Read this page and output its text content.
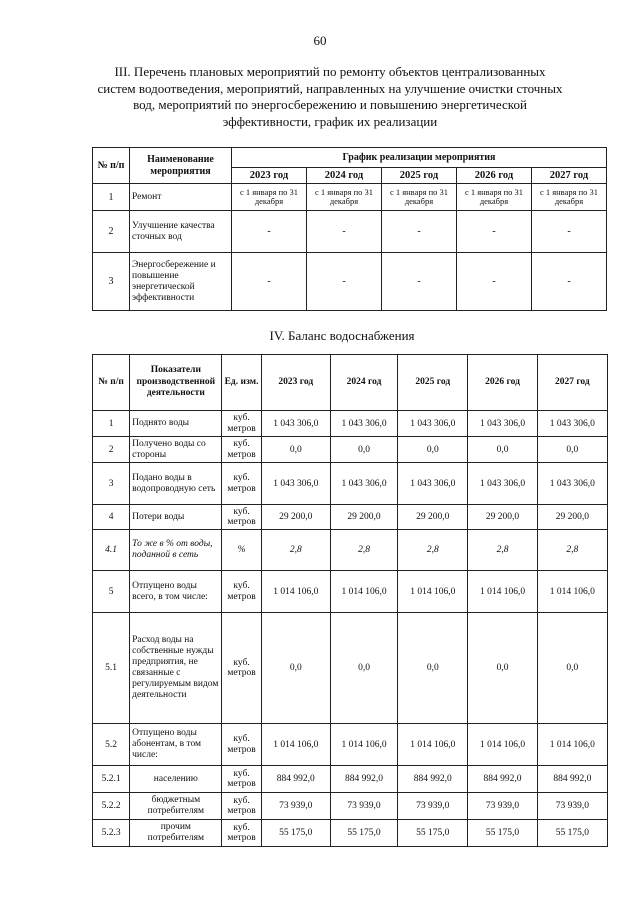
60
III. Перечень плановых мероприятий по ремонту объектов централизованных систем водоотведения, мероприятий, направленных на улучшение очистки сточных вод, мероприятий по энергосбережению и повышению энергетической эффективности, график их реализации
№ п/п	Наименование мероприятия	График реализации мероприятия				
		2023 год	2024 год	2025 год	2026 год	2027 год
1	Ремонт	с 1 января по 31 декабря	с 1 января по 31 декабря	с 1 января по 31 декабря	с 1 января по 31 декабря	с 1 января по 31 декабря
2	Улучшение качества сточных вод	-	-	-	-	-
3	Энергосбережение и повышение энергетической эффективности	-	-	-	-	-
IV. Баланс водоснабжения
№ п/п	Показатели производственной деятельности	Ед. изм.	2023 год	2024 год	2025 год	2026 год	2027 год
1	Поднято воды	куб. метров	1 043 306,0	1 043 306,0	1 043 306,0	1 043 306,0	1 043 306,0
2	Получено воды со стороны	куб. метров	0,0	0,0	0,0	0,0	0,0
3	Подано воды в водопроводную сеть	куб. метров	1 043 306,0	1 043 306,0	1 043 306,0	1 043 306,0	1 043 306,0
4	Потери воды	куб. метров	29 200,0	29 200,0	29 200,0	29 200,0	29 200,0
4.1	То же в % от воды, поданной в сеть	%	2,8	2,8	2,8	2,8	2,8
5	Отпущено воды всего, в том числе:	куб. метров	1 014 106,0	1 014 106,0	1 014 106,0	1 014 106,0	1 014 106,0
5.1	Расход воды на собственные нужды предприятия, не связанные с регулируемым видом деятельности	куб. метров	0,0	0,0	0,0	0,0	0,0
5.2	Отпущено воды абонентам, в том числе:	куб. метров	1 014 106,0	1 014 106,0	1 014 106,0	1 014 106,0	1 014 106,0
5.2.1	населению	куб. метров	884 992,0	884 992,0	884 992,0	884 992,0	884 992,0
5.2.2	бюджетным потребителям	куб. метров	73 939,0	73 939,0	73 939,0	73 939,0	73 939,0
5.2.3	прочим потребителям	куб. метров	55 175,0	55 175,0	55 175,0	55 175,0	55 175,0
